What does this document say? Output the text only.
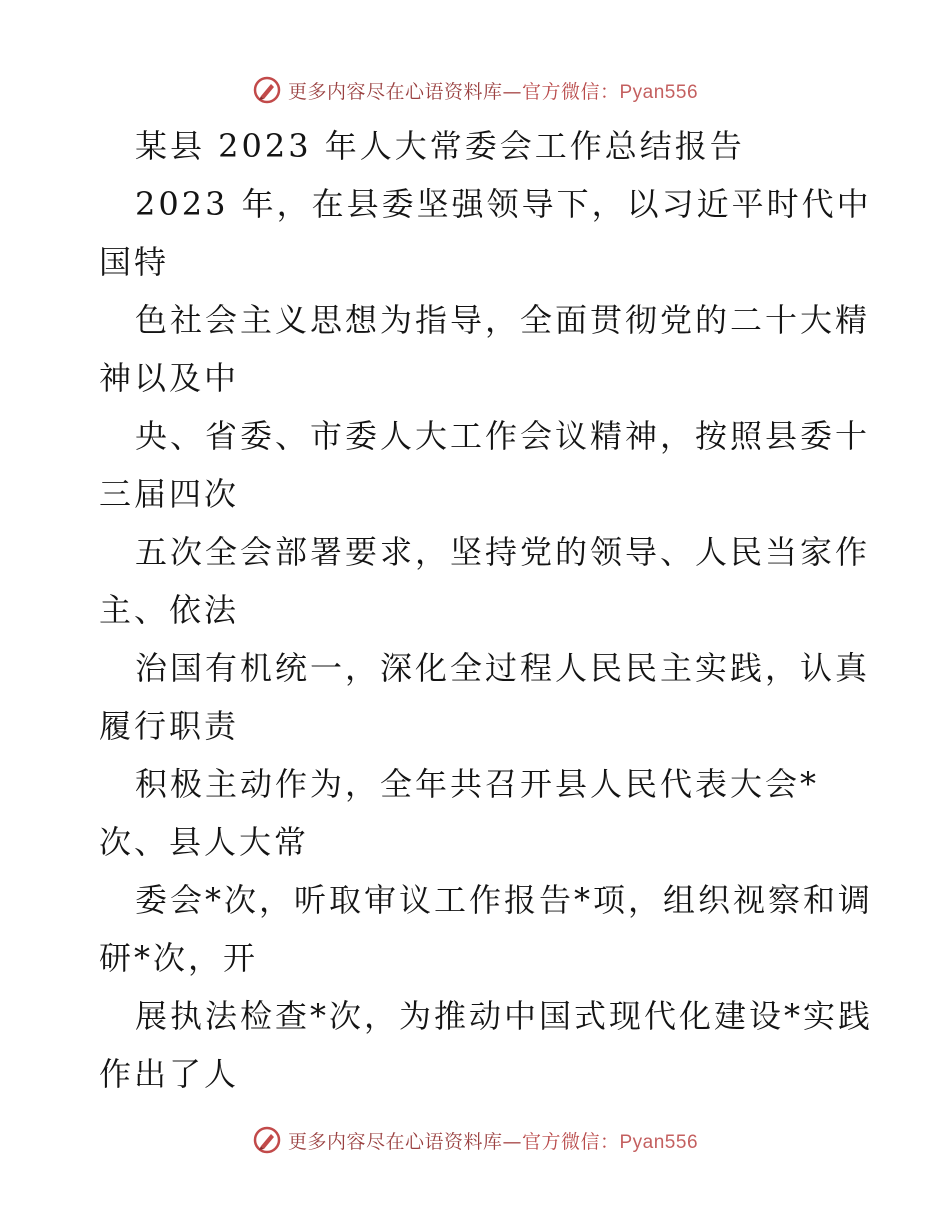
更多内容尽在心语资料库—官方微信：Pyan556
某县 2023 年人大常委会工作总结报告
2023 年，在县委坚强领导下，以习近平时代中
国特
色社会主义思想为指导，全面贯彻党的二十大精
神以及中
央、省委、市委人大工作会议精神，按照县委十
三届四次
五次全会部署要求，坚持党的领导、人民当家作
主、依法
治国有机统一，深化全过程人民民主实践，认真
履行职责
积极主动作为，全年共召开县人民代表大会*
次、县人大常
委会*次，听取审议工作报告*项，组织视察和调
研*次，开
展执法检查*次，为推动中国式现代化建设*实践
作出了人
更多内容尽在心语资料库—官方微信：Pyan556
